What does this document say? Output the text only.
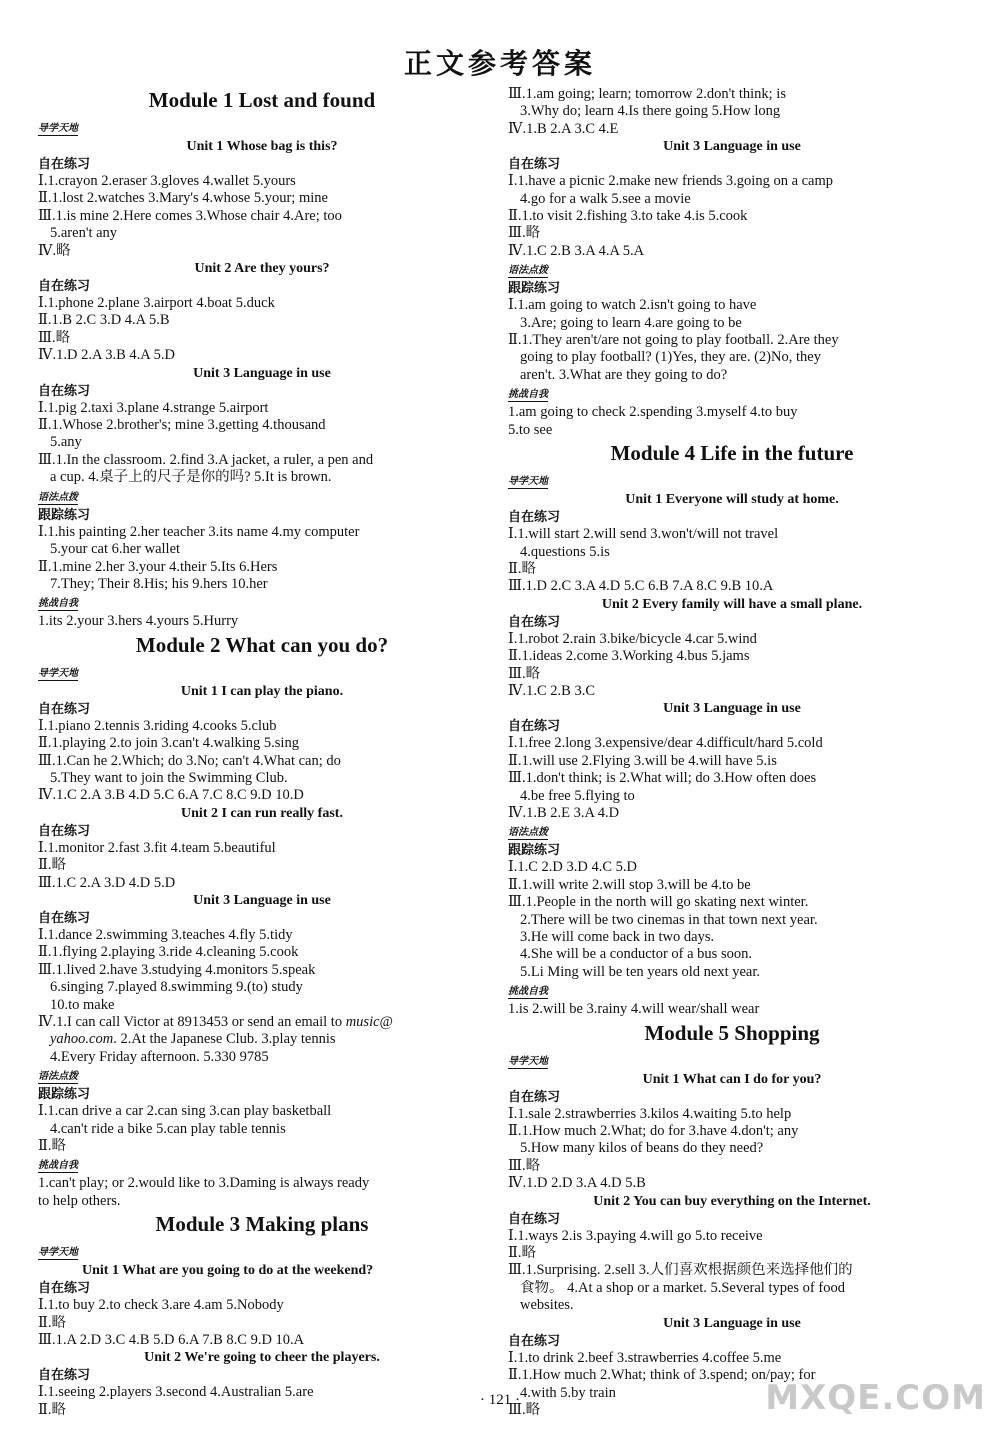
正文参考答案
Module 1 Lost and found
导学天地
Unit 1 Whose bag is this?
自在练习
Ⅰ.1.crayon 2.eraser 3.gloves 4.wallet 5.yours
Ⅱ.1.lost 2.watches 3.Mary's 4.whose 5.your; mine
Ⅲ.1.is mine 2.Here comes 3.Whose chair 4.Are; too
5.aren't any
Ⅳ.略
Unit 2 Are they yours?
自在练习
Ⅰ.1.phone 2.plane 3.airport 4.boat 5.duck
Ⅱ.1.B 2.C 3.D 4.A 5.B
Ⅲ.略
Ⅳ.1.D 2.A 3.B 4.A 5.D
Unit 3 Language in use
自在练习
Ⅰ.1.pig 2.taxi 3.plane 4.strange 5.airport
Ⅱ.1.Whose 2.brother's; mine 3.getting 4.thousand
5.any
Ⅲ.1.In the classroom. 2.find 3.A jacket, a ruler, a pen and
a cup. 4.桌子上的尺子是你的吗? 5.It is brown.
语法点拨
跟踪练习
Ⅰ.1.his painting 2.her teacher 3.its name 4.my computer
5.your cat 6.her wallet
Ⅱ.1.mine 2.her 3.your 4.their 5.Its 6.Hers
7.They; Their 8.His; his 9.hers 10.her
挑战自我
1.its 2.your 3.hers 4.yours 5.Hurry
Module 2 What can you do?
导学天地
Unit 1 I can play the piano.
自在练习
Ⅰ.1.piano 2.tennis 3.riding 4.cooks 5.club
Ⅱ.1.playing 2.to join 3.can't 4.walking 5.sing
Ⅲ.1.Can he 2.Which; do 3.No; can't 4.What can; do
5.They want to join the Swimming Club.
Ⅳ.1.C 2.A 3.B 4.D 5.C 6.A 7.C 8.C 9.D 10.D
Unit 2 I can run really fast.
自在练习
Ⅰ.1.monitor 2.fast 3.fit 4.team 5.beautiful
Ⅱ.略
Ⅲ.1.C 2.A 3.D 4.D 5.D
Unit 3 Language in use
自在练习
Ⅰ.1.dance 2.swimming 3.teaches 4.fly 5.tidy
Ⅱ.1.flying 2.playing 3.ride 4.cleaning 5.cook
Ⅲ.1.lived 2.have 3.studying 4.monitors 5.speak
6.singing 7.played 8.swimming 9.(to) study
10.to make
Ⅳ.1.I can call Victor at 8913453 or send an email to music@
yahoo.com. 2.At the Japanese Club. 3.play tennis
4.Every Friday afternoon. 5.330 9785
语法点拨
跟踪练习
Ⅰ.1.can drive a car 2.can sing 3.can play basketball
4.can't ride a bike 5.can play table tennis
Ⅱ.略
挑战自我
1.can't play; or 2.would like to 3.Daming is always ready
to help others.
Module 3 Making plans
导学天地
Unit 1 What are you going to do at the weekend?
自在练习
Ⅰ.1.to buy 2.to check 3.are 4.am 5.Nobody
Ⅱ.略
Ⅲ.1.A 2.D 3.C 4.B 5.D 6.A 7.B 8.C 9.D 10.A
Unit 2 We're going to cheer the players.
自在练习
Ⅰ.1.seeing 2.players 3.second 4.Australian 5.are
Ⅱ.略
Ⅲ.1.am going; learn; tomorrow 2.don't think; is
3.Why do; learn 4.Is there going 5.How long
Ⅳ.1.B 2.A 3.C 4.E
Unit 3 Language in use
自在练习
Ⅰ.1.have a picnic 2.make new friends 3.going on a camp
4.go for a walk 5.see a movie
Ⅱ.1.to visit 2.fishing 3.to take 4.is 5.cook
Ⅲ.略
Ⅳ.1.C 2.B 3.A 4.A 5.A
语法点拨
跟踪练习
Ⅰ.1.am going to watch 2.isn't going to have
3.Are; going to learn 4.are going to be
Ⅱ.1.They aren't/are not going to play football. 2.Are they
going to play football? (1)Yes, they are. (2)No, they
aren't. 3.What are they going to do?
挑战自我
1.am going to check 2.spending 3.myself 4.to buy
5.to see
Module 4 Life in the future
导学天地
Unit 1 Everyone will study at home.
自在练习
Ⅰ.1.will start 2.will send 3.won't/will not travel
4.questions 5.is
Ⅱ.略
Ⅲ.1.D 2.C 3.A 4.D 5.C 6.B 7.A 8.C 9.B 10.A
Unit 2 Every family will have a small plane.
自在练习
Ⅰ.1.robot 2.rain 3.bike/bicycle 4.car 5.wind
Ⅱ.1.ideas 2.come 3.Working 4.bus 5.jams
Ⅲ.略
Ⅳ.1.C 2.B 3.C
Unit 3 Language in use
自在练习
Ⅰ.1.free 2.long 3.expensive/dear 4.difficult/hard 5.cold
Ⅱ.1.will use 2.Flying 3.will be 4.will have 5.is
Ⅲ.1.don't think; is 2.What will; do 3.How often does
4.be free 5.flying to
Ⅳ.1.B 2.E 3.A 4.D
语法点拨
跟踪练习
Ⅰ.1.C 2.D 3.D 4.C 5.D
Ⅱ.1.will write 2.will stop 3.will be 4.to be
Ⅲ.1.People in the north will go skating next winter.
2.There will be two cinemas in that town next year.
3.He will come back in two days.
4.She will be a conductor of a bus soon.
5.Li Ming will be ten years old next year.
挑战自我
1.is 2.will be 3.rainy 4.will wear/shall wear
Module 5 Shopping
导学天地
Unit 1 What can I do for you?
自在练习
Ⅰ.1.sale 2.strawberries 3.kilos 4.waiting 5.to help
Ⅱ.1.How much 2.What; do for 3.have 4.don't; any
5.How many kilos of beans do they need?
Ⅲ.略
Ⅳ.1.D 2.D 3.A 4.D 5.B
Unit 2 You can buy everything on the Internet.
自在练习
Ⅰ.1.ways 2.is 3.paying 4.will go 5.to receive
Ⅱ.略
Ⅲ.1.Surprising. 2.sell 3.人们喜欢根据颜色来选择他们的
食物。 4.At a shop or a market. 5.Several types of food
websites.
Unit 3 Language in use
自在练习
Ⅰ.1.to drink 2.beef 3.strawberries 4.coffee 5.me
Ⅱ.1.How much 2.What; think of 3.spend; on/pay; for
4.with 5.by train
Ⅲ.略
· 121 ·	MXQE.COM
